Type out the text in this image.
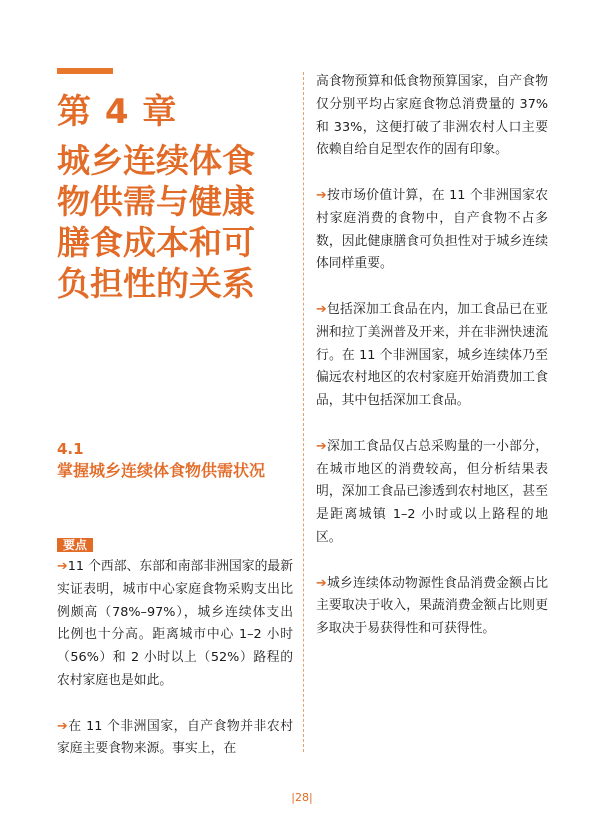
第 4 章
城乡连续体食物供需与健康膳食成本和可负担性的关系
4.1
掌握城乡连续体食物供需状况
要点

➔11 个西部、东部和南部非洲国家的最新实证表明，城市中心家庭食物采购支出比例颇高（78%–97%），城乡连续体支出比例也十分高。距离城市中心 1–2 小时（56%）和 2 小时以上（52%）路程的农村家庭也是如此。

➔在 11 个非洲国家，自产食物并非农村家庭主要食物来源。事实上，在

高食物预算和低食物预算国家，自产食物仅分别平均占家庭食物总消费量的 37% 和 33%，这便打破了非洲农村人口主要依赖自给自足型农作的固有印象。

➔按市场价值计算，在 11 个非洲国家农村家庭消费的食物中，自产食物不占多数，因此健康膳食可负担性对于城乡连续体同样重要。

➔包括深加工食品在内，加工食品已在亚洲和拉丁美洲普及开来，并在非洲快速流行。在 11 个非洲国家，城乡连续体乃至偏远农村地区的农村家庭开始消费加工食品，其中包括深加工食品。

➔深加工食品仅占总采购量的一小部分，在城市地区的消费较高，但分析结果表明，深加工食品已渗透到农村地区，甚至是距离城镇 1–2 小时或以上路程的地区。

➔城乡连续体动物源性食品消费金额占比主要取决于收入，果蔬消费金额占比则更多取决于易获得性和可获得性。

|28|
